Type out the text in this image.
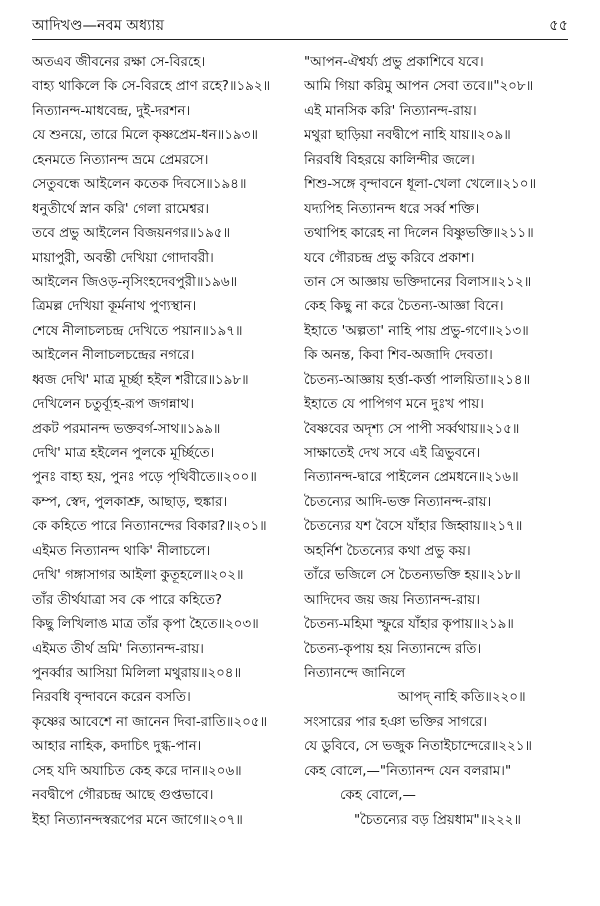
আদিখণ্ড—নবম অধ্যায়	৫৫
অতএব জীবনের রক্ষা সে-বিরহে।
বাহ্য থাকিলে কি সে-বিরহে প্রাণ রহে?॥১৯২॥
নিত্যানন্দ-মাধবেন্দ্র, দুই-দরশন।
যে শুনয়ে, তারে মিলে কৃষ্ণপ্রেম-ধন॥১৯৩॥
হেনমতে নিত্যানন্দ ভ্রমে প্রেমরসে।
সেতুবন্ধে আইলেন কতেক দিবসে॥১৯৪॥
ধনুতীর্থে স্নান করি' গেলা রামেশ্বর।
তবে প্রভু আইলেন বিজয়নগর॥১৯৫॥
মায়াপুরী, অবন্তী দেখিয়া গোদাবরী।
আইলেন জিওড়-নৃসিংহদেবপুরী॥১৯৬॥
ত্রিমল্ল দেখিয়া কূর্মনাথ পুণ্যস্থান।
শেষে নীলাচলচন্দ্র দেখিতে পয়ান॥১৯৭॥
আইলেন নীলাচলচন্দ্রের নগরে।
ধ্বজ দেখি' মাত্র মূর্চ্ছা হইল শরীরে॥১৯৮॥
দেখিলেন চতুর্ব্যূহ-রূপ জগন্নাথ।
প্রকট পরমানন্দ ভক্তবর্গ-সাথ॥১৯৯॥
দেখি' মাত্র হইলেন পুলকে মূর্চ্ছিতে।
পুনঃ বাহ্য হয়, পুনঃ পড়ে পৃথিবীতে॥২০০॥
কম্প, স্বেদ, পুলকাশ্রু, আছাড়, হুঙ্কার।
কে কহিতে পারে নিত্যানন্দের বিকার?॥২০১॥
এইমত নিত্যানন্দ থাকি' নীলাচলে।
দেখি' গঙ্গাসাগর আইলা কুতূহলে॥২০২॥
তাঁর তীর্থযাত্রা সব কে পারে কহিতে?
কিছু লিখিলাঙ মাত্র তাঁর কৃপা হৈতে॥২০৩॥
এইমত তীর্থ ভ্রমি' নিত্যানন্দ-রায়।
পুনর্ব্বার আসিয়া মিলিলা মথুরায়॥২০৪॥
নিরবধি বৃন্দাবনে করেন বসতি।
কৃষ্ণের আবেশে না জানেন দিবা-রাতি॥২০৫॥
আহার নাহিক, কদাচিৎ দুগ্ধ-পান।
সেহ যদি অযাচিত কেহ করে দান॥২০৬॥
নবদ্বীপে গৌরচন্দ্র আছে গুপ্তভাবে।
ইহা নিত্যানন্দস্বরূপের মনে জাগে॥২০৭॥
"আপন-ঐশ্বর্য্য প্রভু প্রকাশিবে যবে।
আমি গিয়া করিমু আপন সেবা তবে॥"২০৮॥
এই মানসিক করি' নিত্যানন্দ-রায়।
মথুরা ছাড়িয়া নবদ্বীপে নাহি যায়॥২০৯॥
নিরবধি বিহরয়ে কালিন্দীর জলে।
শিশু-সঙ্গে বৃন্দাবনে ধূলা-খেলা খেলে॥২১০॥
যদ্যপিহ নিত্যানন্দ ধরে সর্ব্ব শক্তি।
তথাপিহ কারেহ না দিলেন বিষ্ণুভক্তি॥২১১॥
যবে গৌরচন্দ্র প্রভু করিবে প্রকাশ।
তান সে আজ্ঞায় ভক্তিদানের বিলাস॥২১২॥
কেহ কিছু না করে চৈতন্য-আজ্ঞা বিনে।
ইহাতে 'অল্পতা' নাহি পায় প্রভু-গণে॥২১৩॥
কি অনন্ত, কিবা শিব-অজাদি দেবতা।
চৈতন্য-আজ্ঞায় হর্ত্তা-কর্ত্তা পালয়িতা॥২১৪॥
ইহাতে যে পাপিগণ মনে দুঃখ পায়।
বৈষ্ণবের অদৃশ্য সে পাপী সর্ব্বথায়॥২১৫॥
সাক্ষাতেই দেখ সবে এই ত্রিভুবনে।
নিত্যানন্দ-দ্বারে পাইলেন প্রেমধনে॥২১৬॥
চৈতন্যের আদি-ভক্ত নিত্যানন্দ-রায়।
চৈতন্যের যশ বৈসে যাঁহার জিহ্বায়॥২১৭॥
অহর্নিশ চৈতন্যের কথা প্রভু কয়।
তাঁরে ভজিলে সে চৈতন্যভক্তি হয়॥২১৮॥
আদিদেব জয় জয় নিত্যানন্দ-রায়।
চৈতন্য-মহিমা স্ফুরে যাঁহার কৃপায়॥২১৯॥
চৈতন্য-কৃপায় হয় নিত্যানন্দে রতি।
নিত্যানন্দে জানিলে
আপদ্ নাহি কতি॥২২০॥
সংসারের পার হঞা ভক্তির সাগরে।
যে ডুবিবে, সে ভজুক নিতাইচান্দেরে॥২২১॥
কেহ বোলে,—"নিত্যানন্দ যেন বলরাম।"
কেহ বোলে,—
"চৈতন্যের বড় প্রিয়ধাম"॥২২২॥
